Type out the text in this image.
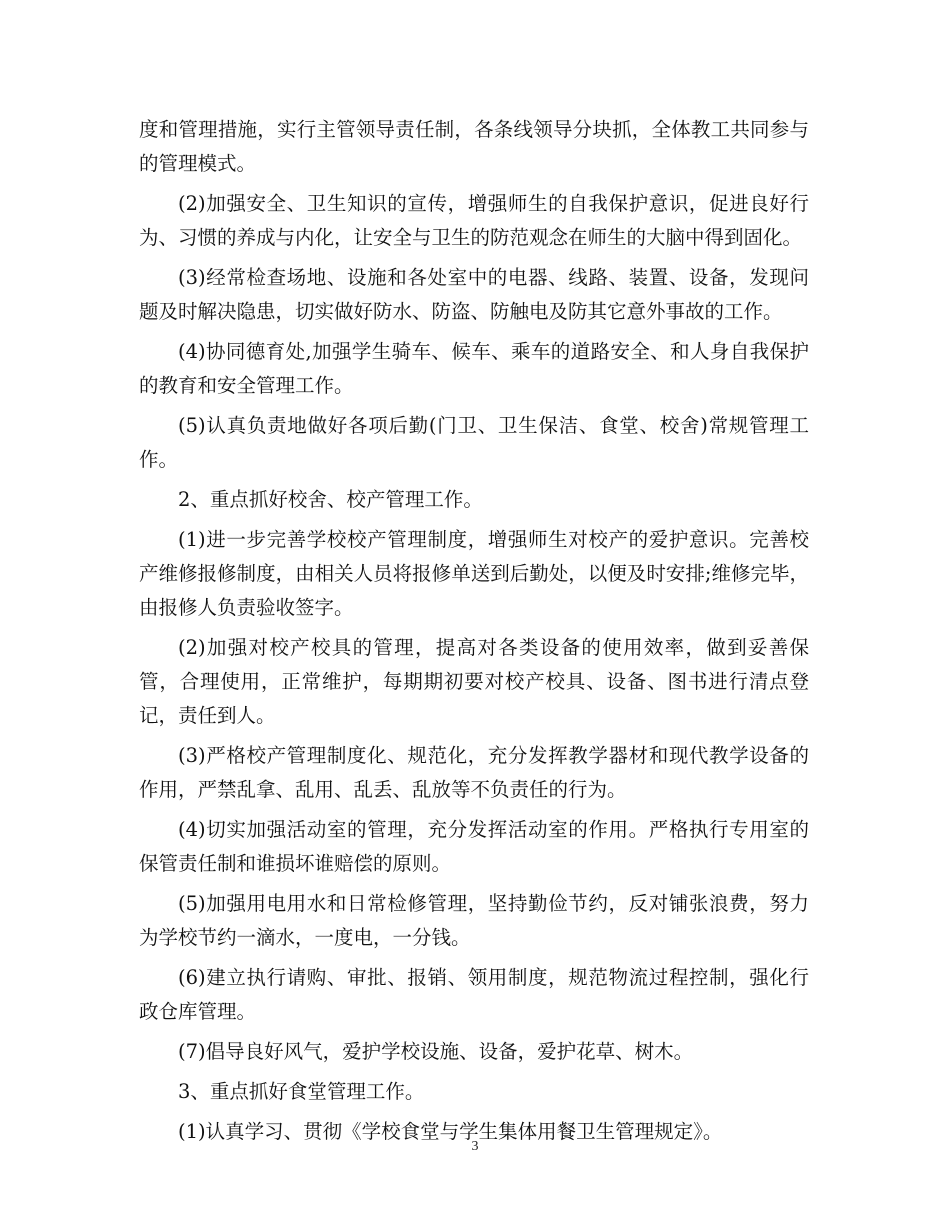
度和管理措施，实行主管领导责任制，各条线领导分块抓，全体教工共同参与的管理模式。

(2)加强安全、卫生知识的宣传，增强师生的自我保护意识，促进良好行为、习惯的养成与内化，让安全与卫生的防范观念在师生的大脑中得到固化。

(3)经常检查场地、设施和各处室中的电器、线路、装置、设备，发现问题及时解决隐患，切实做好防水、防盗、防触电及防其它意外事故的工作。

(4)协同德育处,加强学生骑车、候车、乘车的道路安全、和人身自我保护的教育和安全管理工作。

(5)认真负责地做好各项后勤(门卫、卫生保洁、食堂、校舍)常规管理工作。

2、重点抓好校舍、校产管理工作。

(1)进一步完善学校校产管理制度，增强师生对校产的爱护意识。完善校产维修报修制度，由相关人员将报修单送到后勤处，以便及时安排;维修完毕，由报修人负责验收签字。

(2)加强对校产校具的管理，提高对各类设备的使用效率，做到妥善保管，合理使用，正常维护，每期期初要对校产校具、设备、图书进行清点登记，责任到人。

(3)严格校产管理制度化、规范化，充分发挥教学器材和现代教学设备的作用，严禁乱拿、乱用、乱丢、乱放等不负责任的行为。

(4)切实加强活动室的管理，充分发挥活动室的作用。严格执行专用室的保管责任制和谁损坏谁赔偿的原则。

(5)加强用电用水和日常检修管理，坚持勤俭节约，反对铺张浪费，努力为学校节约一滴水，一度电，一分钱。

(6)建立执行请购、审批、报销、领用制度，规范物流过程控制，强化行政仓库管理。

(7)倡导良好风气，爱护学校设施、设备，爱护花草、树木。

3、重点抓好食堂管理工作。

(1)认真学习、贯彻《学校食堂与学生集体用餐卫生管理规定》。

3
